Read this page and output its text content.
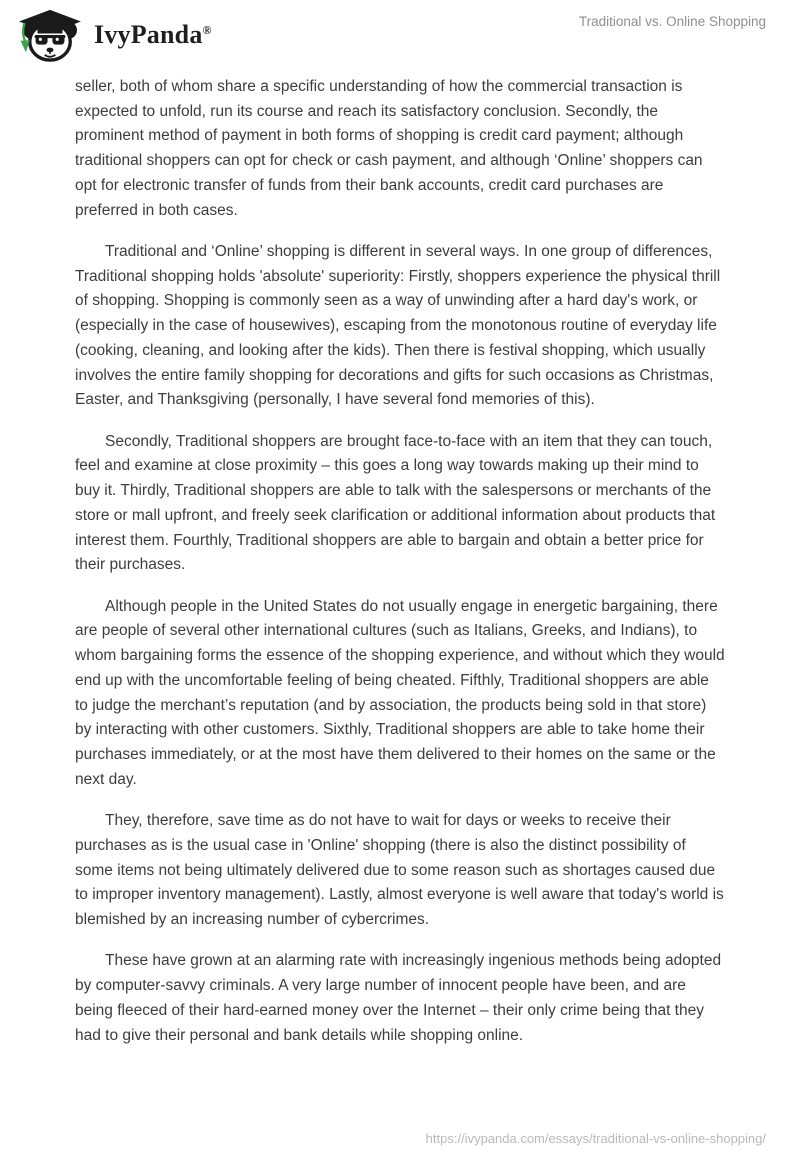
IvyPanda®
Traditional vs. Online Shopping

seller, both of whom share a specific understanding of how the commercial transaction is expected to unfold, run its course and reach its satisfactory conclusion. Secondly, the prominent method of payment in both forms of shopping is credit card payment; although traditional shoppers can opt for check or cash payment, and although ‘Online’ shoppers can opt for electronic transfer of funds from their bank accounts, credit card purchases are preferred in both cases.

Traditional and ‘Online’ shopping is different in several ways. In one group of differences, Traditional shopping holds 'absolute' superiority: Firstly, shoppers experience the physical thrill of shopping. Shopping is commonly seen as a way of unwinding after a hard day's work, or (especially in the case of housewives), escaping from the monotonous routine of everyday life (cooking, cleaning, and looking after the kids). Then there is festival shopping, which usually involves the entire family shopping for decorations and gifts for such occasions as Christmas, Easter, and Thanksgiving (personally, I have several fond memories of this).

Secondly, Traditional shoppers are brought face-to-face with an item that they can touch, feel and examine at close proximity – this goes a long way towards making up their mind to buy it. Thirdly, Traditional shoppers are able to talk with the salespersons or merchants of the store or mall upfront, and freely seek clarification or additional information about products that interest them. Fourthly, Traditional shoppers are able to bargain and obtain a better price for their purchases.

Although people in the United States do not usually engage in energetic bargaining, there are people of several other international cultures (such as Italians, Greeks, and Indians), to whom bargaining forms the essence of the shopping experience, and without which they would end up with the uncomfortable feeling of being cheated. Fifthly, Traditional shoppers are able to judge the merchant’s reputation (and by association, the products being sold in that store) by interacting with other customers. Sixthly, Traditional shoppers are able to take home their purchases immediately, or at the most have them delivered to their homes on the same or the next day.

They, therefore, save time as do not have to wait for days or weeks to receive their purchases as is the usual case in 'Online' shopping (there is also the distinct possibility of some items not being ultimately delivered due to some reason such as shortages caused due to improper inventory management). Lastly, almost everyone is well aware that today's world is blemished by an increasing number of cybercrimes.

These have grown at an alarming rate with increasingly ingenious methods being adopted by computer-savvy criminals. A very large number of innocent people have been, and are being fleeced of their hard-earned money over the Internet – their only crime being that they had to give their personal and bank details while shopping online.

https://ivypanda.com/essays/traditional-vs-online-shopping/
